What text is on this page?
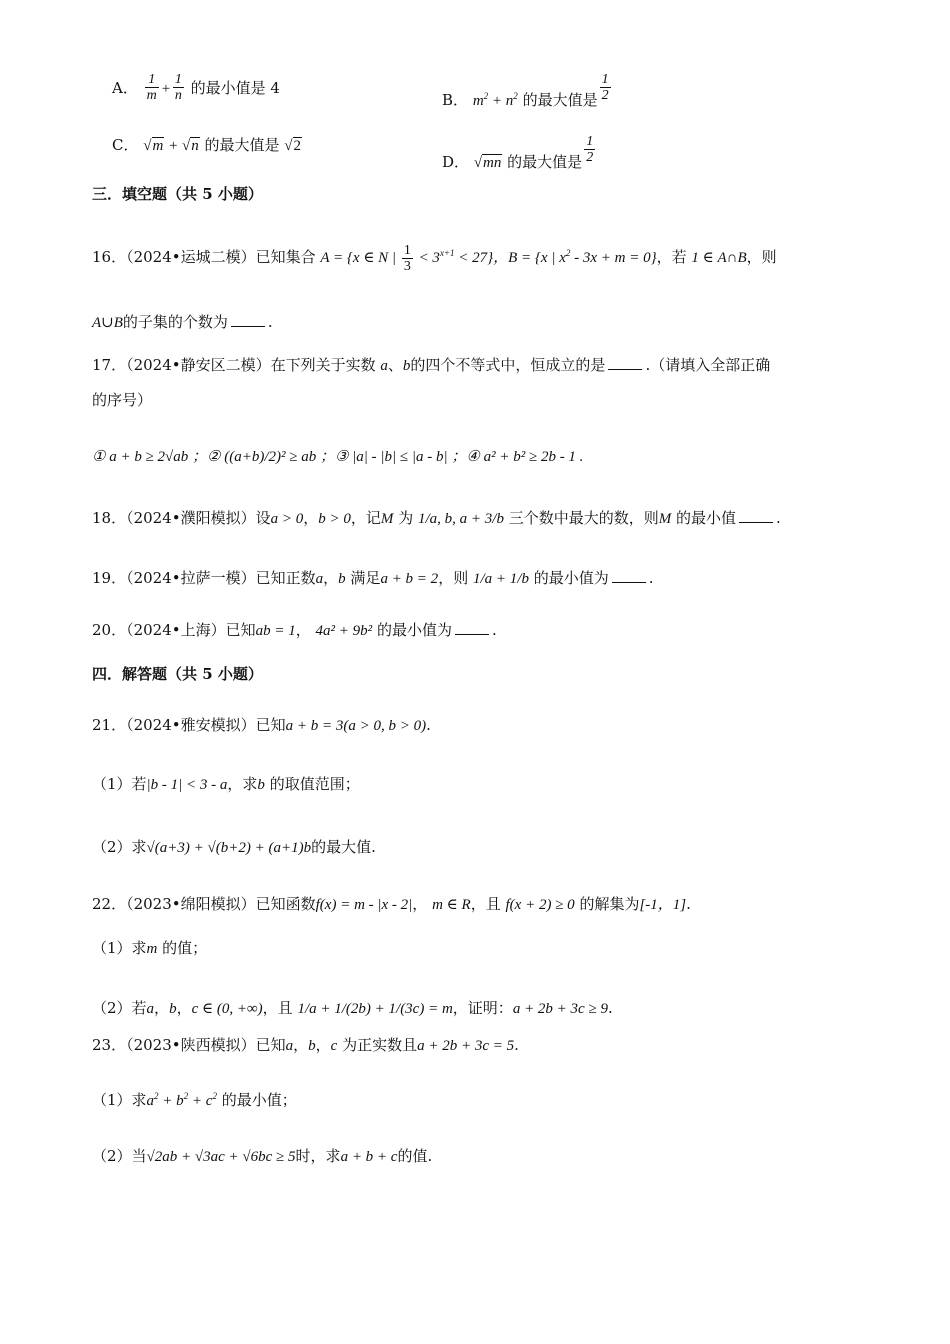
A． $\frac{1}{m} + \frac{1}{n}$ 的最小值是 4
B． $m^2 + n^2$ 的最大值是 $\frac{1}{2}$
C． √m + √n 的最大值是 √2
D． √mn 的最大值是 $\frac{1}{2}$
三．填空题（共 5 小题）
16．（2024•运城二模）已知集合 A = {x ∈ N | $\frac{1}{3} < 3^{x+1} < 27$}，B = {x | $x^2 - 3x + m = 0$}，若 1 ∈ A∩B，则
A∪B的子集的个数为	.
17．（2024•静安区二模）在下列关于实数 a、b的四个不等式中，恒成立的是	.（请填入全部正确
的序号）
① a + b ≥ 2√ab ；② ((a+b)/2)² ≥ ab ；③ |a| - |b| ≤ |a - b| ；④ a² + b² ≥ 2b - 1 .
18．（2024•濮阳模拟）设a > 0，b > 0，记M 为 1/a, b, a + 3/b 三个数中最大的数，则M 的最小值	.
19．（2024•拉萨一模）已知正数a，b 满足a + b = 2，则 1/a + 1/b 的最小值为	.
20．（2024•上海）已知ab = 1， 4a² + 9b² 的最小值为	.
四．解答题（共 5 小题）
21．（2024•雅安模拟）已知a + b = 3(a > 0, b > 0).
（1）若|b - 1| < 3 - a，求b 的取值范围；
（2）求√(a+3) + √(b+2) + (a+1)b的最大值.
22．（2023•绵阳模拟）已知函数f(x) = m - |x - 2|， m ∈ R，且 f(x + 2) ≥ 0 的解集为[-1，1].
（1）求m 的值；
（2）若a，b，c ∈ (0, +∞)，且 1/a + 1/(2b) + 1/(3c) = m，证明：a + 2b + 3c ≥ 9.
23．（2023•陕西模拟）已知a，b，c 为正实数且a + 2b + 3c = 5.
（1）求$a^2 + b^2 + c^2$ 的最小值；
（2）当√2ab + √3ac + √6bc ≥ 5时，求a + b + c的值.
